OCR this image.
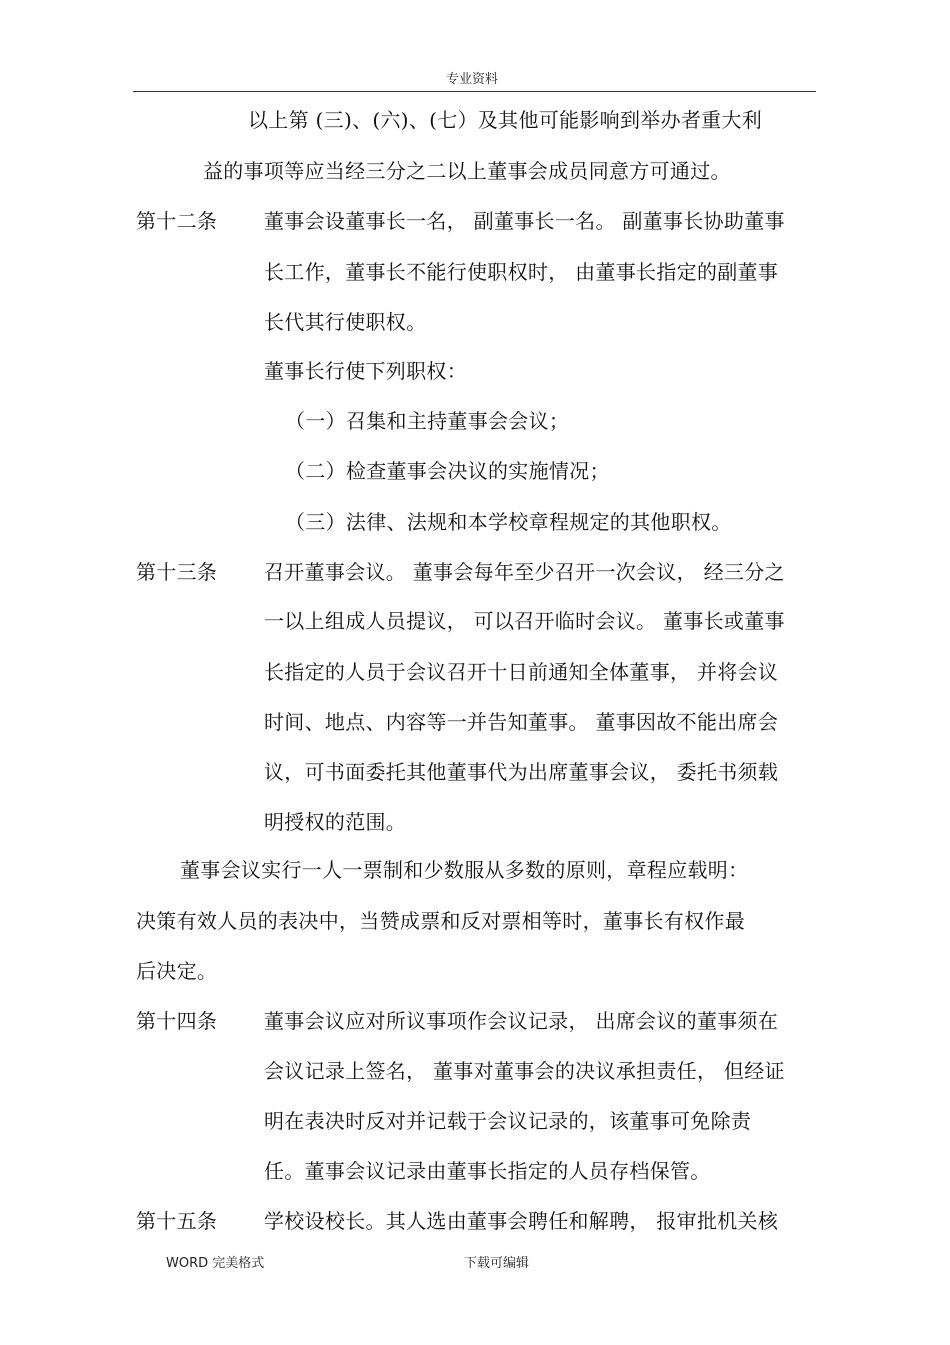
专业资料
以上第 (三)、(六)、(七）及其他可能影响到举办者重大利
益的事项等应当经三分之二以上董事会成员同意方可通过。
第十二条 董事会设董事长一名， 副董事长一名。 副董事长协助董事
长工作，董事长不能行使职权时， 由董事长指定的副董事
长代其行使职权。
董事长行使下列职权：
（一）召集和主持董事会会议；
（二）检查董事会决议的实施情况；
（三）法律、法规和本学校章程规定的其他职权。
第十三条 召开董事会议。 董事会每年至少召开一次会议， 经三分之
一以上组成人员提议， 可以召开临时会议。 董事长或董事
长指定的人员于会议召开十日前通知全体董事， 并将会议
时间、地点、内容等一并告知董事。 董事因故不能出席会
议，可书面委托其他董事代为出席董事会议， 委托书须载
明授权的范围。
董事会议实行一人一票制和少数服从多数的原则，章程应载明：
决策有效人员的表决中，当赞成票和反对票相等时，董事长有权作最
后决定。
第十四条 董事会议应对所议事项作会议记录， 出席会议的董事须在
会议记录上签名， 董事对董事会的决议承担责任， 但经证
明在表决时反对并记载于会议记录的，该董事可免除责
任。董事会议记录由董事长指定的人员存档保管。
第十五条 学校设校长。其人选由董事会聘任和解聘， 报审批机关核
WORD 完美格式	下载可编辑
